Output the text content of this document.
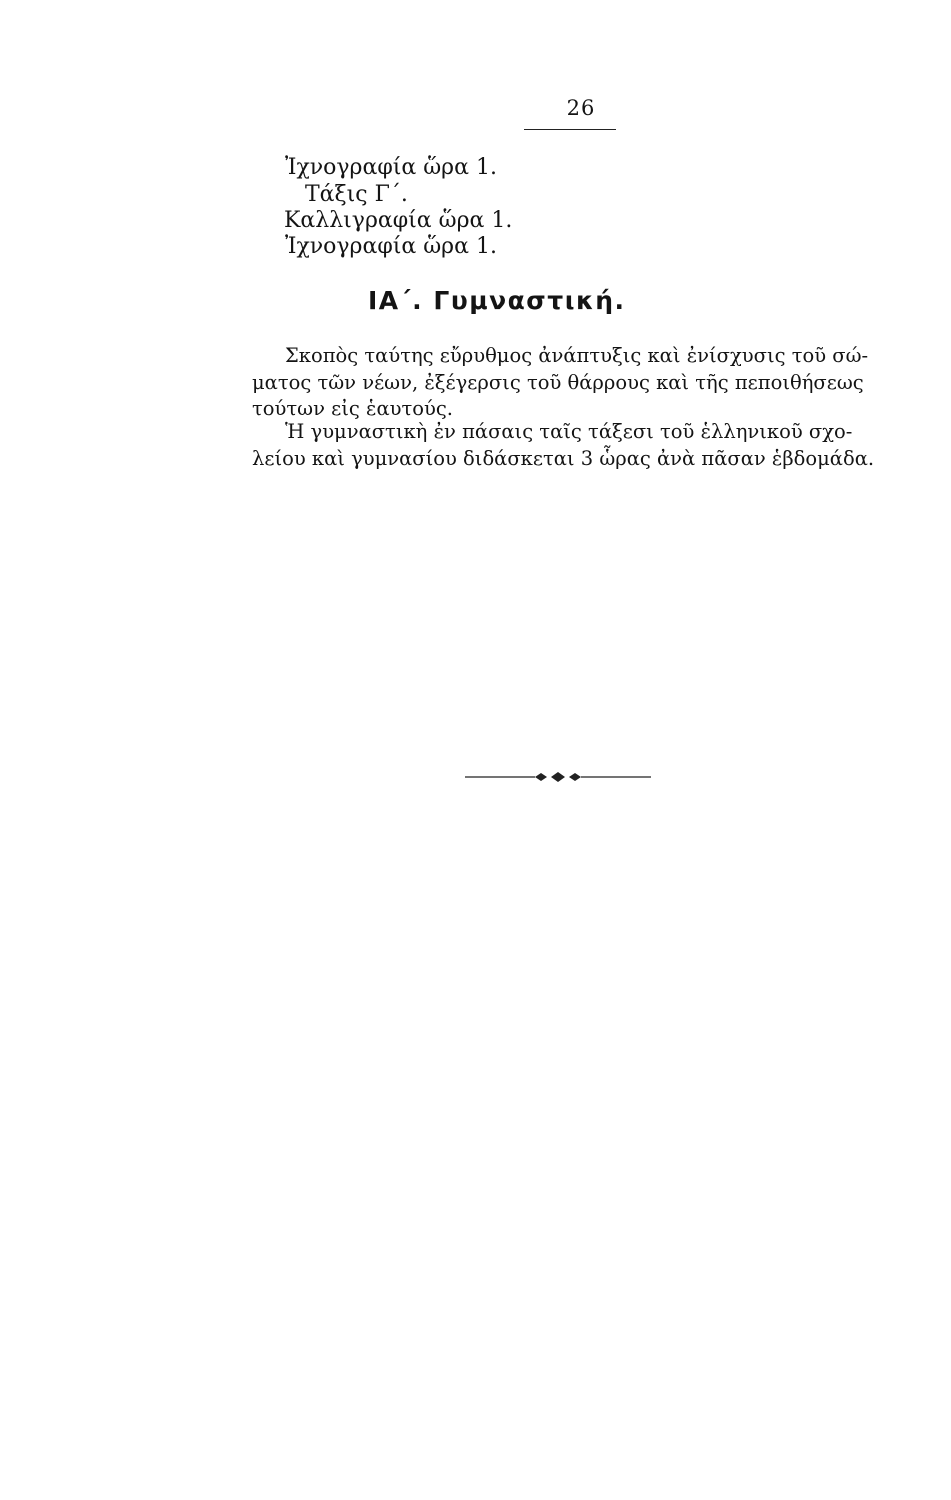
26
Ἰχνογραφία ὥρα 1.
Τάξις Γ΄.
Καλλιγραφία ὥρα 1.
Ἰχνογραφία ὥρα 1.
ΙΑ΄. Γυμναστική.
Σκοπὸς ταύτης εὔρυθμος ἀνάπτυξις καὶ ἐνίσχυσις τοῦ σώ-
ματος τῶν νέων, ἐξέγερσις τοῦ θάρρους καὶ τῆς πεποιθήσεως
τούτων εἰς ἑαυτούς.
Ἡ γυμναστικὴ ἐν πάσαις ταῖς τάξεσι τοῦ ἑλληνικοῦ σχο-
λείου καὶ γυμνασίου διδάσκεται 3 ὧρας ἀνὰ πᾶσαν ἑβδομάδα.
